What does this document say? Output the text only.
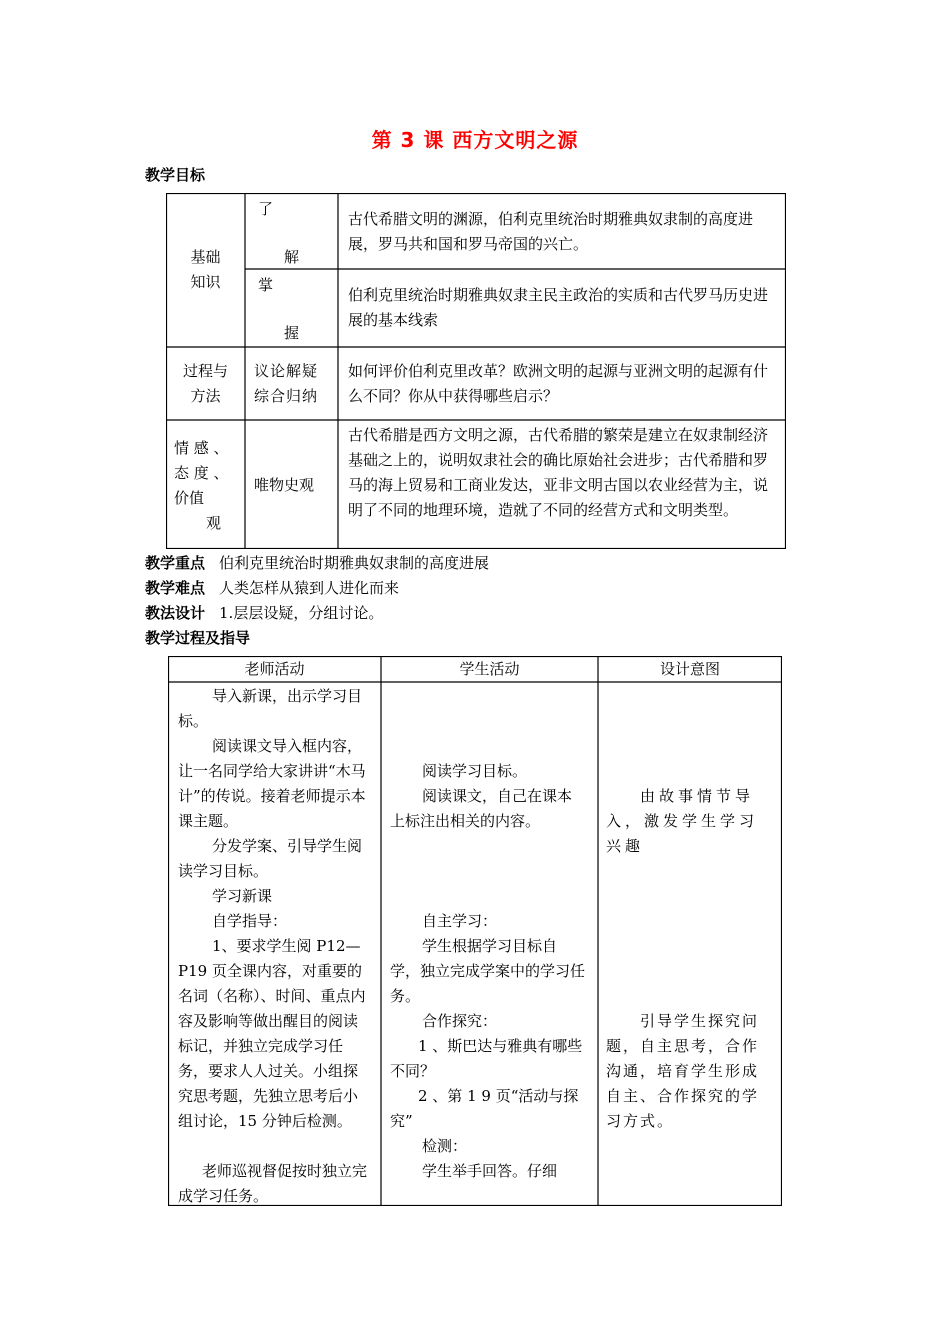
第 3 课 西方文明之源
教学目标
基础
知识
了
解
古代希腊文明的渊源，伯利克里统治时期雅典奴隶制的高度进展，罗马共和国和罗马帝国的兴亡。
掌
握
伯利克里统治时期雅典奴隶主民主政治的实质和古代罗马历史进展的基本线索
过程与
方法
议论解疑
综合归纳
如何评价伯利克里改革？欧洲文明的起源与亚洲文明的起源有什么不同？你从中获得哪些启示？
情 感 、
态 度 、
价值
观
唯物史观
古代希腊是西方文明之源，古代希腊的繁荣是建立在奴隶制经济基础之上的，说明奴隶社会的确比原始社会进步；古代希腊和罗马的海上贸易和工商业发达，亚非文明古国以农业经营为主，说明了不同的地理环境，造就了不同的经营方式和文明类型。
教学重点 伯利克里统治时期雅典奴隶制的高度进展
教学难点 人类怎样从猿到人进化而来
教法设计 1.层层设疑，分组讨论。
教学过程及指导
老师活动	学生活动	设计意图
导入新课，出示学习目标。
阅读课文导入框内容，让一名同学给大家讲讲“木马计”的传说。接着老师提示本课主题。
分发学案、引导学生阅读学习目标。
学习新课
自学指导：
1、要求学生阅 P12—P19 页全课内容，对重要的名词（名称）、时间、重点内容及影响等做出醒目的阅读标记，并独立完成学习任务，要求人人过关。小组探究思考题，先独立思考后小组讨论，15 分钟后检测。
老师巡视督促按时独立完成学习任务。
阅读学习目标。
阅读课文，自己在课本上标注出相关的内容。
自主学习：
学生根据学习目标自学，独立完成学案中的学习任务。
合作探究：
1 、斯巴达与雅典有哪些不同？
2 、第 1 9 页“活动与探究”
检测：
学生举手回答。仔细
由故事情节导入，激发学生学习兴趣
引导学生探究问题，自主思考，合作沟通，培育学生形成自主、合作探究的学习方式。
